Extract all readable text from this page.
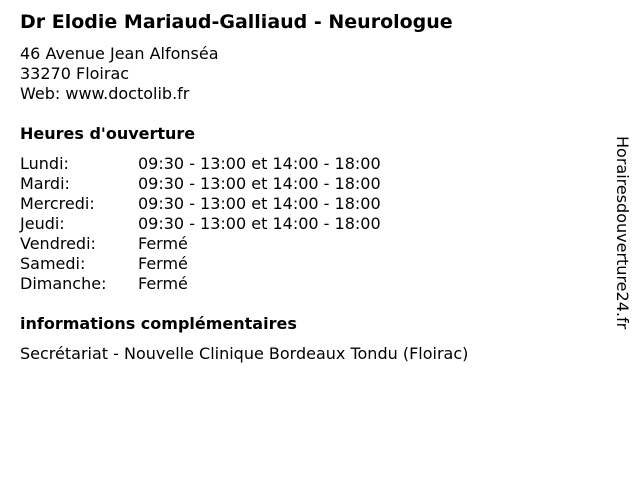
Dr Elodie Mariaud-Galliaud - Neurologue
46 Avenue Jean Alfonséa
33270 Floirac
Web: www.doctolib.fr
Heures d'ouverture
Lundi:	09:30 - 13:00 et 14:00 - 18:00
Mardi:	09:30 - 13:00 et 14:00 - 18:00
Mercredi:	09:30 - 13:00 et 14:00 - 18:00
Jeudi:	09:30 - 13:00 et 14:00 - 18:00
Vendredi:	Fermé
Samedi:	Fermé
Dimanche:	Fermé
informations complémentaires
Secrétariat - Nouvelle Clinique Bordeaux Tondu (Floirac)
Horairesdouverture24.fr
